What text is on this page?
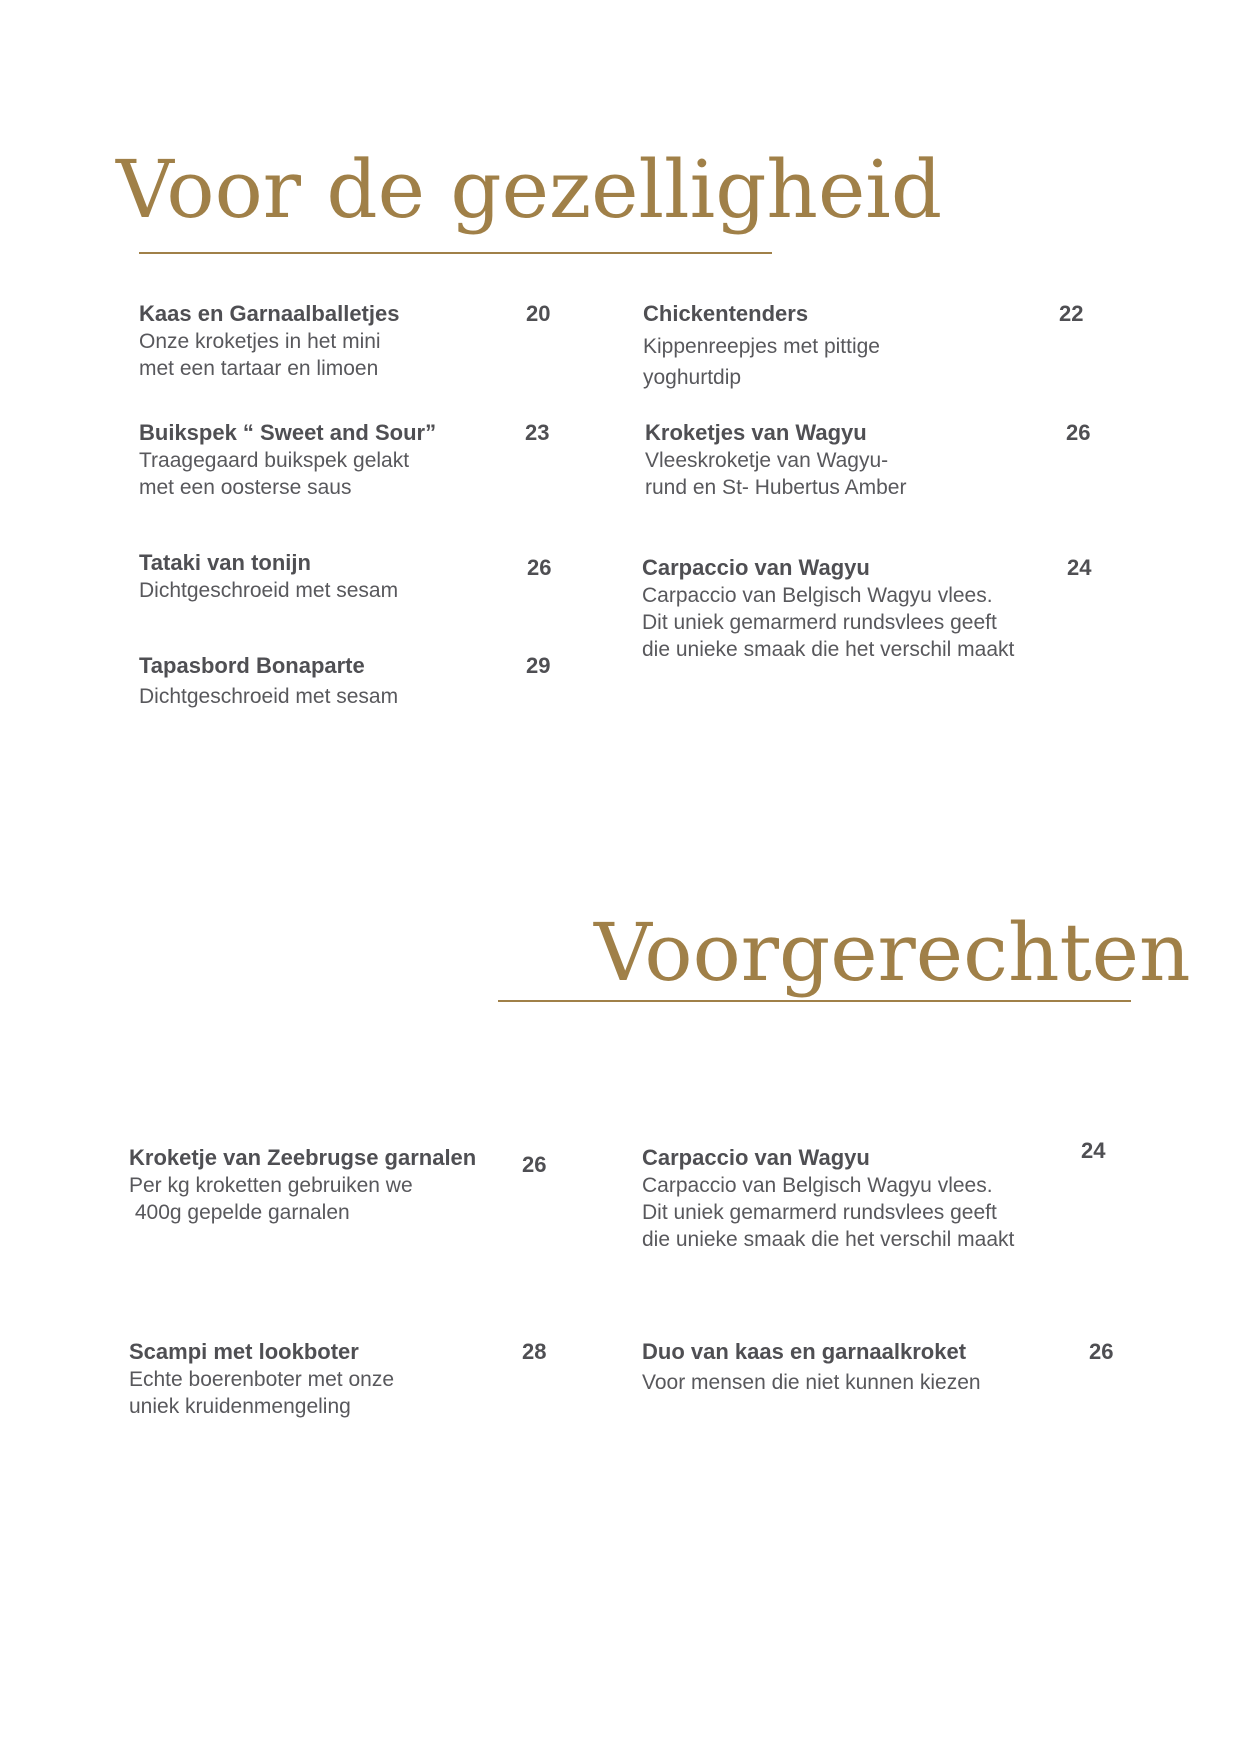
Voor de gezelligheid
Kaas en Garnaalballetjes
Onze kroketjes in het mini
met een tartaar en limoen
20	Chickentenders
Kippenreepjes met pittige
yoghurtdip
22
Buikspek “ Sweet and Sour”
Traagegaard buikspek gelakt
met een oosterse saus
23	Kroketjes van Wagyu
Vleeskroketje van Wagyu-
rund en St- Hubertus Amber
26
Tataki van tonijn
Dichtgeschroeid met sesam
26	Carpaccio van Wagyu
Carpaccio van Belgisch Wagyu vlees.
Dit uniek gemarmerd rundsvlees geeft
die unieke smaak die het verschil maakt
24
Tapasbord Bonaparte
Dichtgeschroeid met sesam
29
Voorgerechten
Kroketje van Zeebrugse garnalen
Per kg kroketten gebruiken we
400g gepelde garnalen
26	Carpaccio van Wagyu
Carpaccio van Belgisch Wagyu vlees.
Dit uniek gemarmerd rundsvlees geeft
die unieke smaak die het verschil maakt
24
Scampi met lookboter
Echte boerenboter met onze
uniek kruidenmengeling
28	Duo van kaas en garnaalkroket
Voor mensen die niet kunnen kiezen
26
